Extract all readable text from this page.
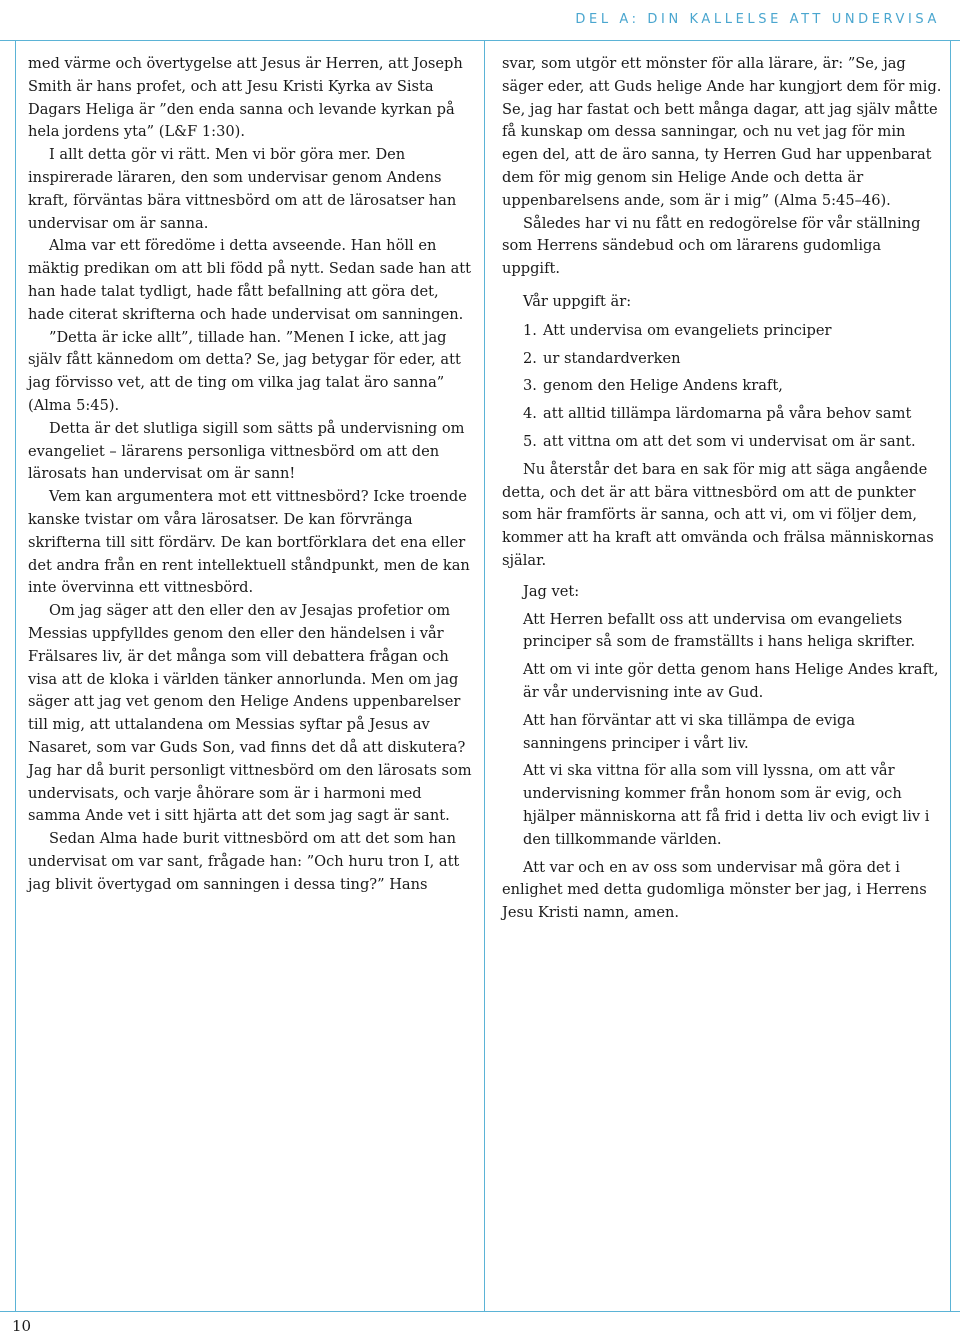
DEL A: DIN KALLELSE ATT UNDERVISA
10

med värme och övertygelse att Jesus är Herren, att Joseph Smith är hans profet, och att Jesu Kristi Kyrka av Sista Dagars Heliga är ”den enda sanna och levande kyrkan på hela jordens yta” (L&F 1:30).

I allt detta gör vi rätt. Men vi bör göra mer. Den inspirerade läraren, den som undervisar genom Andens kraft, förväntas bära vittnesbörd om att de lärosatser han undervisar om är sanna.

Alma var ett föredöme i detta avseende. Han höll en mäktig predikan om att bli född på nytt. Sedan sade han att han hade talat tydligt, hade fått befallning att göra det, hade citerat skrifterna och hade undervisat om sanningen.

”Detta är icke allt”, tillade han. ”Menen I icke, att jag själv fått kännedom om detta? Se, jag betygar för eder, att jag förvisso vet, att de ting om vilka jag talat äro sanna” (Alma 5:45).

Detta är det slutliga sigill som sätts på undervisning om evangeliet – lärarens personliga vittnesbörd om att den lärosats han undervisat om är sann!

Vem kan argumentera mot ett vittnesbörd? Icke troende kanske tvistar om våra lärosatser. De kan förvränga skrifterna till sitt fördärv. De kan bortförklara det ena eller det andra från en rent intellektuell ståndpunkt, men de kan inte övervinna ett vittnesbörd.

Om jag säger att den eller den av Jesajas profetior om Messias uppfylldes genom den eller den händelsen i vår Frälsares liv, är det många som vill debattera frågan och visa att de kloka i världen tänker annorlunda. Men om jag säger att jag vet genom den Helige Andens uppenbarelser till mig, att uttalandena om Messias syftar på Jesus av Nasaret, som var Guds Son, vad finns det då att diskutera? Jag har då burit personligt vittnesbörd om den lärosats som undervisats, och varje åhörare som är i harmoni med samma Ande vet i sitt hjärta att det som jag sagt är sant.

Sedan Alma hade burit vittnesbörd om att det som han undervisat om var sant, frågade han: ”Och huru tron I, att jag blivit övertygad om sanningen i dessa ting?” Hans

svar, som utgör ett mönster för alla lärare, är: ”Se, jag säger eder, att Guds helige Ande har kungjort dem för mig. Se, jag har fastat och bett många dagar, att jag själv måtte få kunskap om dessa sanningar, och nu vet jag för min egen del, att de äro sanna, ty Herren Gud har uppenbarat dem för mig genom sin Helige Ande och detta är uppenbarelsens ande, som är i mig” (Alma 5:45–46).

Således har vi nu fått en redogörelse för vår ställning som Herrens sändebud och om lärarens gudomliga uppgift.

Vår uppgift är:

1. Att undervisa om evangeliets principer

2. ur standardverken

3. genom den Helige Andens kraft,

4. att alltid tillämpa lärdomarna på våra behov samt

5. att vittna om att det som vi undervisat om är sant.

Nu återstår det bara en sak för mig att säga angående detta, och det är att bära vittnesbörd om att de punkter som här framförts är sanna, och att vi, om vi följer dem, kommer att ha kraft att omvända och frälsa människornas själar.

Jag vet:

Att Herren befallt oss att undervisa om evangeliets principer så som de framställts i hans heliga skrifter.

Att om vi inte gör detta genom hans Helige Andes kraft, är vår undervisning inte av Gud.

Att han förväntar att vi ska tillämpa de eviga sanningens principer i vårt liv.

Att vi ska vittna för alla som vill lyssna, om att vår undervisning kommer från honom som är evig, och hjälper människorna att få frid i detta liv och evigt liv i den tillkommande världen.

Att var och en av oss som undervisar må göra det i enlighet med detta gudomliga mönster ber jag, i Herrens Jesu Kristi namn, amen.
